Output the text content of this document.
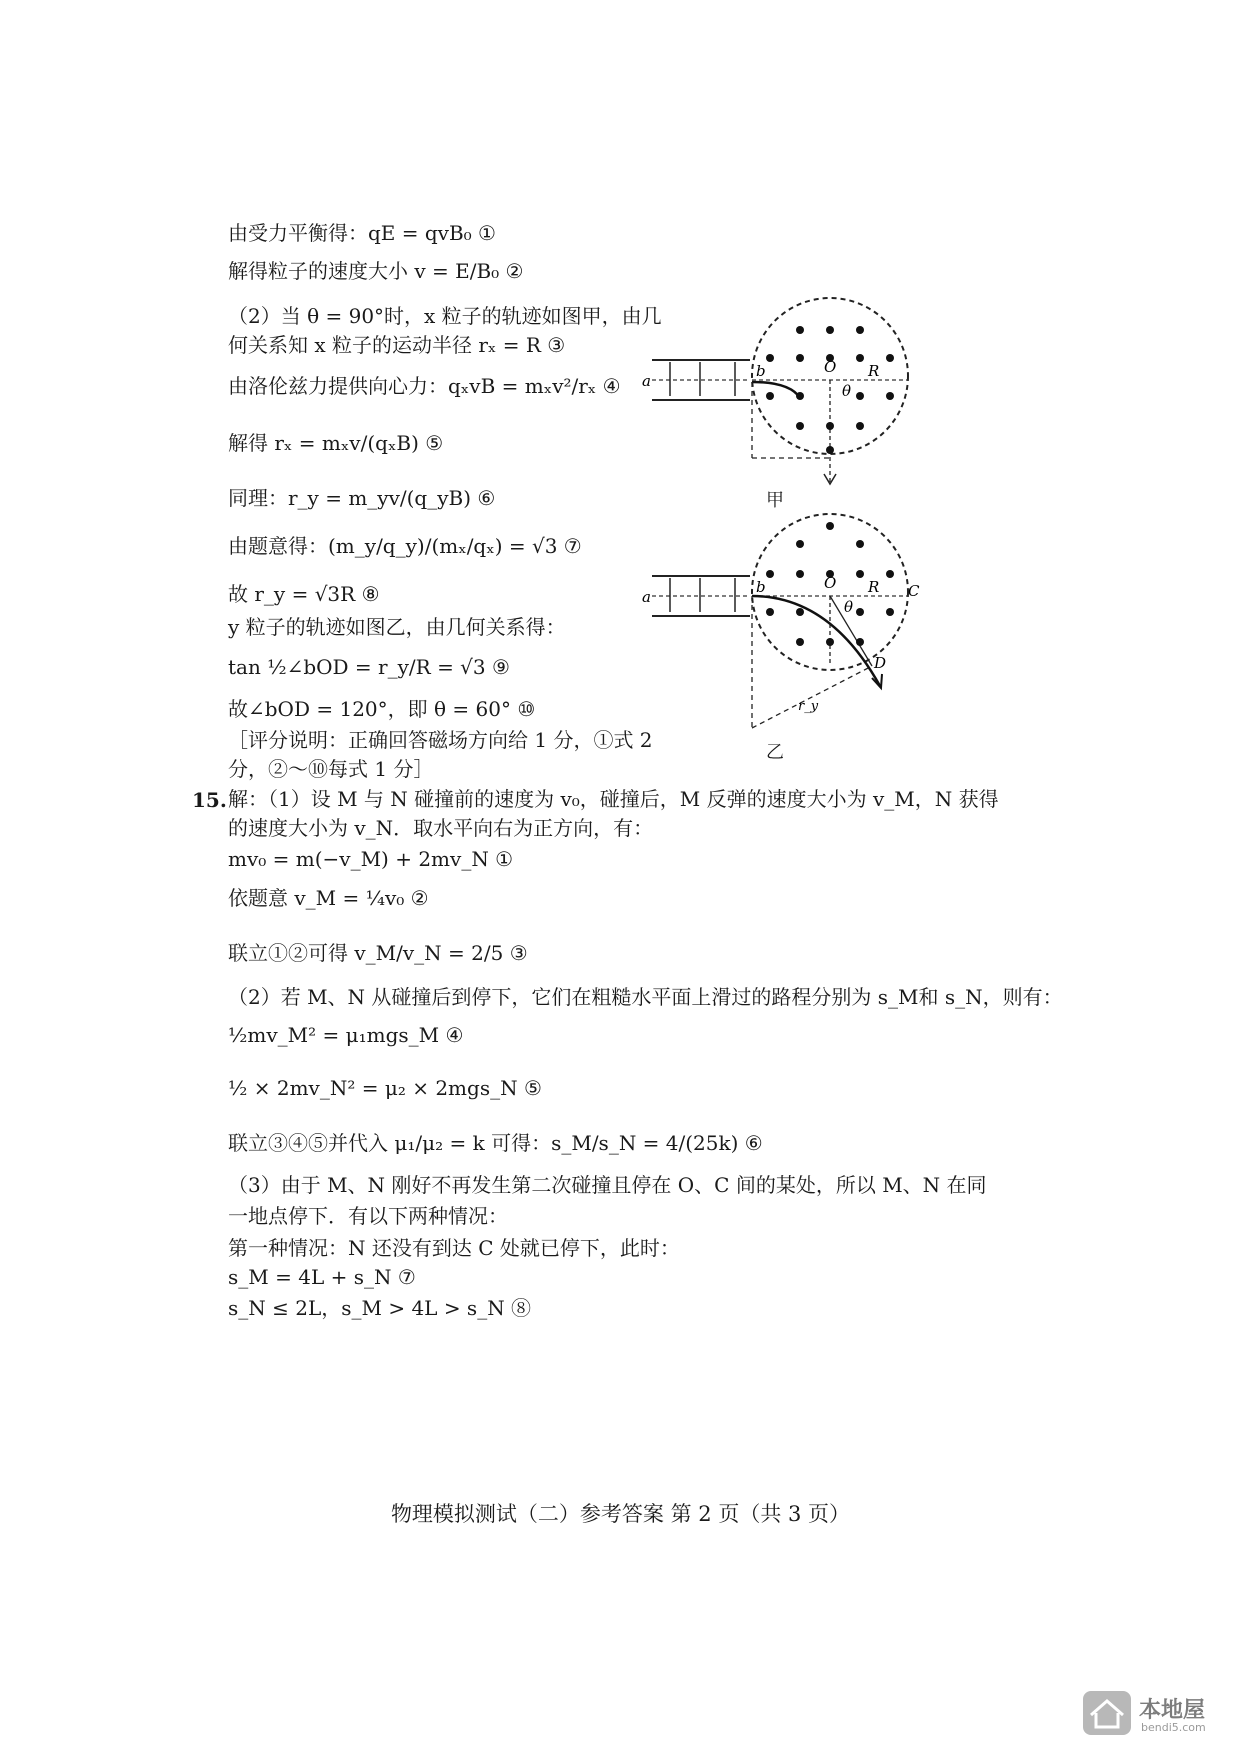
由受力平衡得：qE = qvB₀ ①
解得粒子的速度大小 v = E/B₀ ②
（2）当 θ = 90°时，x 粒子的轨迹如图甲，由几
何关系知 x 粒子的运动半径 rₓ = R ③
由洛伦兹力提供向心力：qₓvB = mₓv²/rₓ ④
解得 rₓ = mₓv/(qₓB) ⑤
同理：r_y = m_yv/(q_yB) ⑥
由题意得：(m_y/q_y)/(mₓ/qₓ) = √3 ⑦
故 r_y = √3R ⑧
y 粒子的轨迹如图乙，由几何关系得：
tan ½∠bOD = r_y/R = √3 ⑨
故∠bOD = 120°，即 θ = 60° ⑩
［评分说明：正确回答磁场方向给 1 分，①式 2
分，②～⑩每式 1 分］
15. 解：（1）设 M 与 N 碰撞前的速度为 v₀，碰撞后，M 反弹的速度大小为 v_M，N 获得
的速度大小为 v_N．取水平向右为正方向，有：
mv₀ = m(−v_M) + 2mv_N ①
依题意 v_M = ¼v₀ ②
联立①②可得 v_M/v_N = 2/5 ③
（2）若 M、N 从碰撞后到停下，它们在粗糙水平面上滑过的路程分别为 s_M和 s_N，则有：
½mv_M² = μ₁mgs_M ④
½ × 2mv_N² = μ₂ × 2mgs_N ⑤
联立③④⑤并代入 μ₁/μ₂ = k 可得：s_M/s_N = 4/(25k) ⑥
（3）由于 M、N 刚好不再发生第二次碰撞且停在 O、C 间的某处，所以 M、N 在同
一地点停下．有以下两种情况：
第一种情况：N 还没有到达 C 处就已停下，此时：
s_M = 4L + s_N ⑦
s_N ≤ 2L，s_M > 4L > s_N ⑧
a
b	O R
θ
甲
a
b	O R C
D
θ
r_y
乙
物理模拟测试（二）参考答案 第 2 页（共 3 页）
本地屋
bendi5.com
